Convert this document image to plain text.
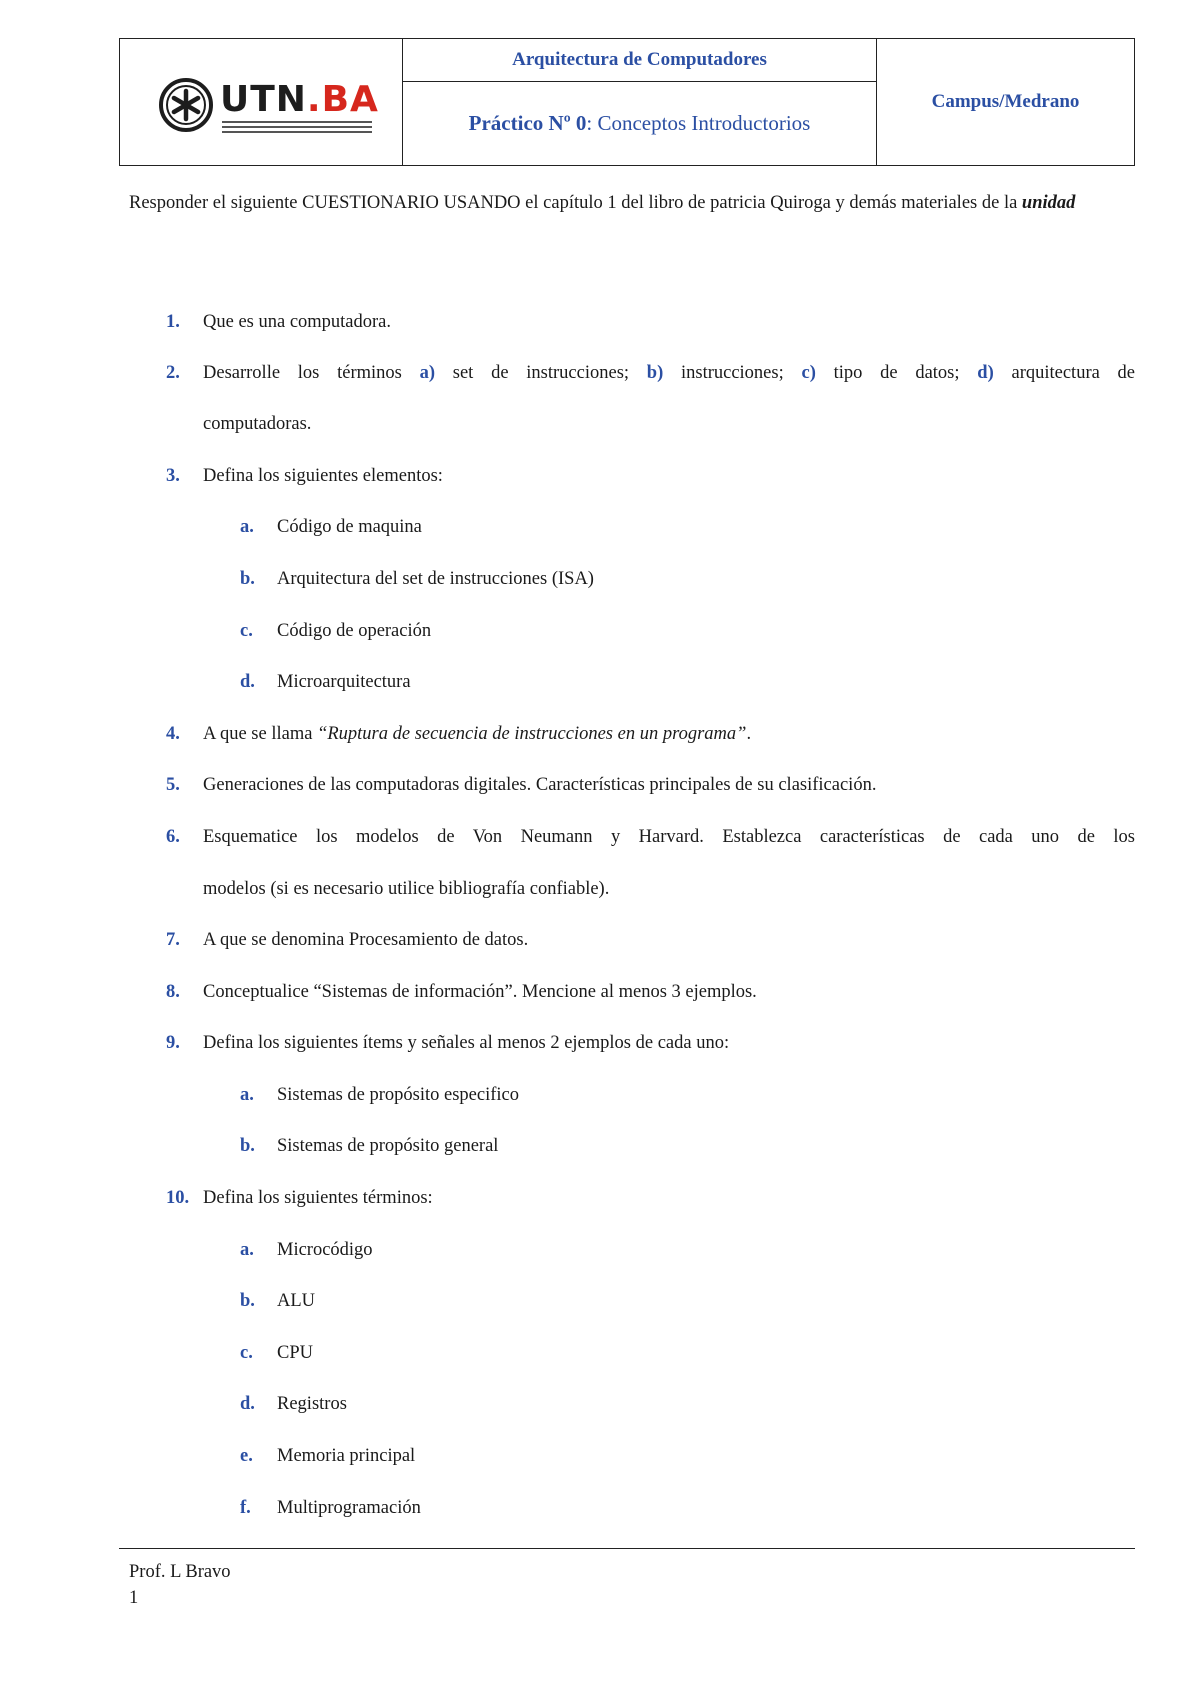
UTN.BA
Arquitectura de Computadores
Práctico Nº 0: Conceptos Introductorios
Campus/Medrano
Responder el siguiente CUESTIONARIO USANDO el capítulo 1 del libro de patricia Quiroga y demás materiales de la unidad
1. Que es una computadora.
2. Desarrolle los términos a) set de instrucciones; b) instrucciones; c) tipo de datos; d) arquitectura de
computadoras.
3. Defina los siguientes elementos:
a. Código de maquina
b. Arquitectura del set de instrucciones (ISA)
c. Código de operación
d. Microarquitectura
4. A que se llama “Ruptura de secuencia de instrucciones en un programa”.
5. Generaciones de las computadoras digitales. Características principales de su clasificación.
6. Esquematice los modelos de Von Neumann y Harvard. Establezca características de cada uno de los
modelos (si es necesario utilice bibliografía confiable).
7. A que se denomina Procesamiento de datos.
8. Conceptualice “Sistemas de información”. Mencione al menos 3 ejemplos.
9. Defina los siguientes ítems y señales al menos 2 ejemplos de cada uno:
a. Sistemas de propósito especifico
b. Sistemas de propósito general
10. Defina los siguientes términos:
a. Microcódigo
b. ALU
c. CPU
d. Registros
e. Memoria principal
f. Multiprogramación
Prof. L Bravo
1
